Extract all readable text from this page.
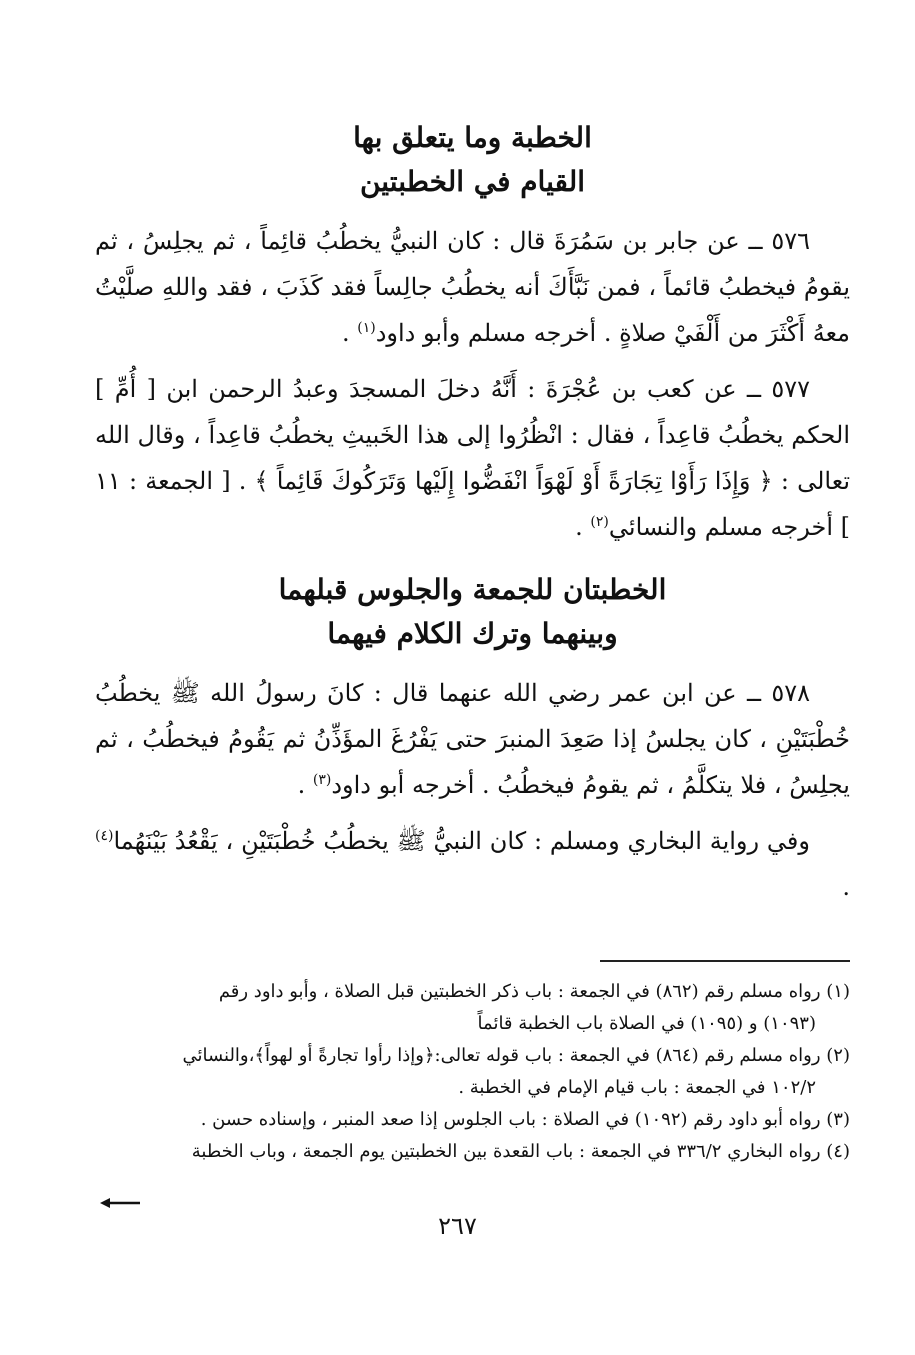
الخطبة وما يتعلق بها
القيام في الخطبتين

٥٧٦ ــ عن جابر بن سَمُرَةَ قال : كان النبيُّ يخطُبُ قائِماً ، ثم يجلِسُ ، ثم يقومُ فيخطبُ قائماً ، فمن نَبَّأَكَ أنه يخطُبُ جالِساً فقد كَذَبَ ، فقد واللهِ صلَّيْتُ معهُ أَكْثَرَ من أَلْفَيْ صلاةٍ . أخرجه مسلم وأبو داود$^{(١)}$ .

٥٧٧ ــ عن كعب بن عُجْرَةَ : أَنَّهُ دخلَ المسجدَ وعبدُ الرحمن ابن [ أُمِّ ] الحكم يخطُبُ قاعِداً ، فقال : انْظُرُوا إلى هذا الخَبيثِ يخطُبُ قاعِداً ، وقال الله تعالى : ﴿ وَإِذَا رَأَوْا تِجَارَةً أَوْ لَهْوَاً انْفَضُّوا إِلَيْها وَتَرَكُوكَ قَائِماً ﴾ . [ الجمعة : ١١ ] أخرجه مسلم والنسائي$^{(٢)}$ .

الخطبتان للجمعة والجلوس قبلهما
وبينهما وترك الكلام فيهما

٥٧٨ ــ عن ابن عمر رضي الله عنهما قال : كانَ رسولُ الله ﷺ يخطُبُ خُطْبَتَيْنِ ، كان يجلسُ إذا صَعِدَ المنبرَ حتى يَفْرُغَ المؤَذِّنُ ثم يَقُومُ فيخطُبُ ، ثم يجلِسُ ، فلا يتكلَّمُ ، ثم يقومُ فيخطُبُ . أخرجه أبو داود$^{(٣)}$ .

وفي رواية البخاري ومسلم : كان النبيُّ ﷺ يخطُبُ خُطْبَتَيْنِ ، يَقْعُدُ بَيْنَهُما$^{(٤)}$ .

(١) رواه مسلم رقم (٨٦٢) في الجمعة : باب ذكر الخطبتين قبل الصلاة ، وأبو داود رقم

(١٠٩٣) و (١٠٩٥) في الصلاة باب الخطبة قائماً

(٢) رواه مسلم رقم (٨٦٤) في الجمعة : باب قوله تعالى:﴿وإذا رأوا تجارةً أو لهواً﴾،والنسائي

١٠٢/٢ في الجمعة : باب قيام الإمام في الخطبة .

(٣) رواه أبو داود رقم (١٠٩٢) في الصلاة : باب الجلوس إذا صعد المنبر ، وإسناده حسن .

(٤) رواه البخاري ٣٣٦/٢ في الجمعة : باب القعدة بين الخطبتين يوم الجمعة ، وباب الخطبة

٢٦٧
